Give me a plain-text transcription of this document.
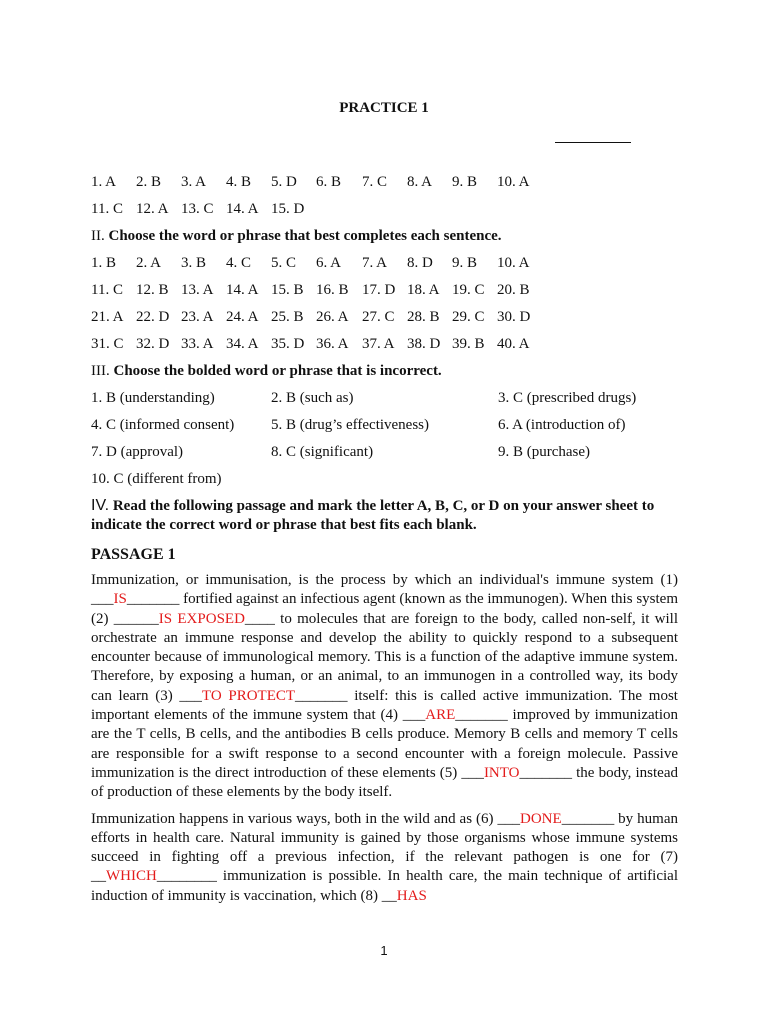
PRACTICE 1
1. A 2. B 3. A 4. B 5. D 6. B 7. C 8. A 9. B 10. A
11. C 12. A 13. C 14. A 15. D
II. Choose the word or phrase that best completes each sentence.
1. B 2. A 3. B 4. C 5. C 6. A 7. A 8. D 9. B 10. A
11. C 12. B 13. A 14. A 15. B 16. B 17. D 18. A 19. C 20. B
21. A 22. D 23. A 24. A 25. B 26. A 27. C 28. B 29. C 30. D
31. C 32. D 33. A 34. A 35. D 36. A 37. A 38. D 39. B 40. A
III. Choose the bolded word or phrase that is incorrect.
1. B (understanding)	2. B (such as)	3. C (prescribed drugs)
4. C (informed consent)	5. B (drug’s effectiveness)	6. A (introduction of)
7. D (approval)	8. C (significant)	9. B (purchase)
10. C (different from)
IV. Read the following passage and mark the letter A, B, C, or D on your answer sheet to indicate the correct word or phrase that best fits each blank.
PASSAGE 1

Immunization, or immunisation, is the process by which an individual's immune system (1) ___IS_______ fortified against an infectious agent (known as the immunogen). When this system (2) ______IS EXPOSED____ to molecules that are foreign to the body, called non-self, it will orchestrate an immune response and develop the ability to quickly respond to a subsequent encounter because of immunological memory. This is a function of the adaptive immune system. Therefore, by exposing a human, or an animal, to an immunogen in a controlled way, its body can learn (3) ___TO PROTECT_______ itself: this is called active immunization. The most important elements of the immune system that (4) ___ARE_______ improved by immunization are the T cells, B cells, and the antibodies B cells produce. Memory B cells and memory T cells are responsible for a swift response to a second encounter with a foreign molecule. Passive immunization is the direct introduction of these elements (5) ___INTO_______ the body, instead of production of these elements by the body itself.

Immunization happens in various ways, both in the wild and as (6) ___DONE_______ by human efforts in health care. Natural immunity is gained by those organisms whose immune systems succeed in fighting off a previous infection, if the relevant pathogen is one for (7) __WHICH________ immunization is possible. In health care, the main technique of artificial induction of immunity is vaccination, which (8) __HAS

1
